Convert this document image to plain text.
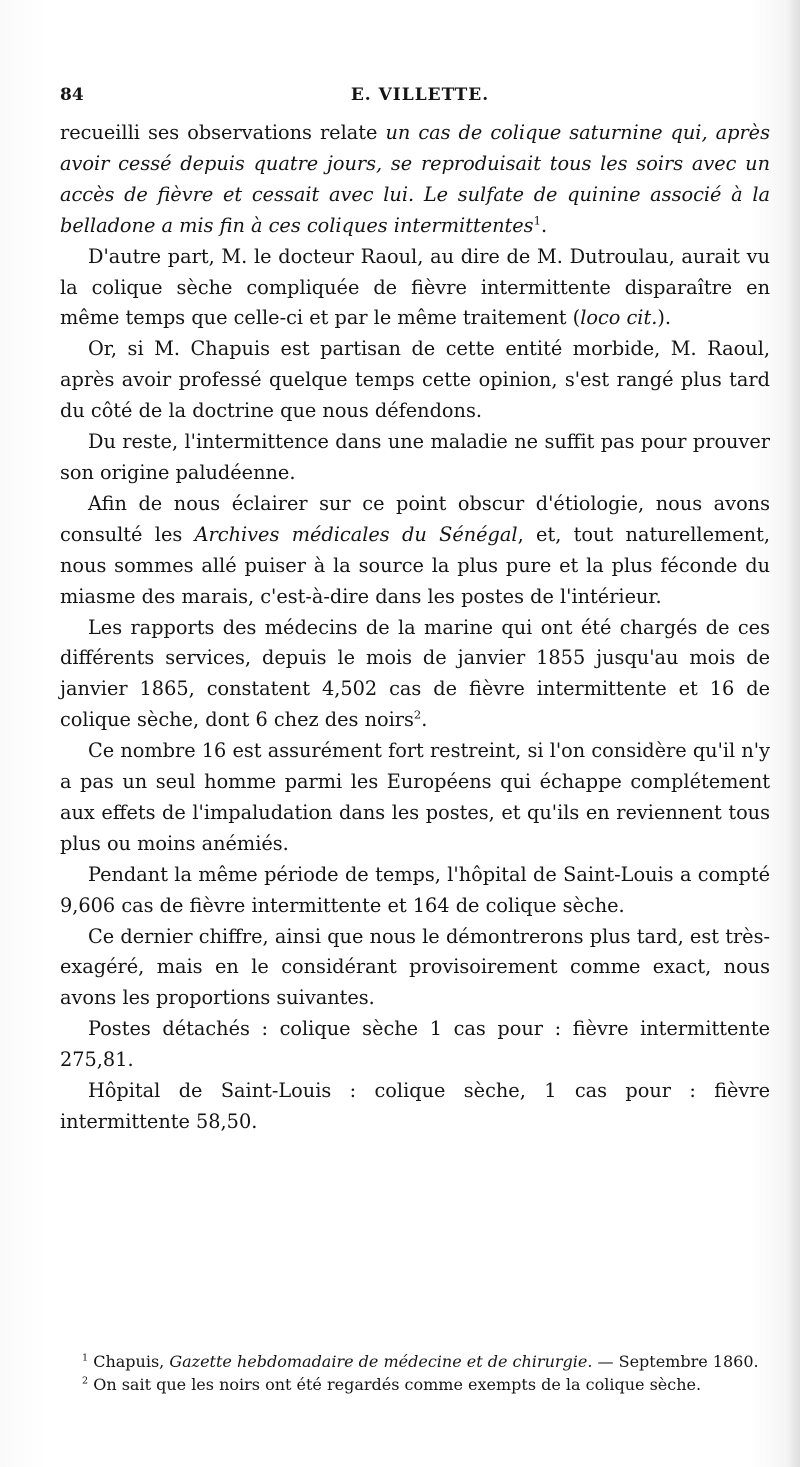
84	E. VILLETTE.

recueilli ses observations relate un cas de colique saturnine qui, après avoir cessé depuis quatre jours, se reproduisait tous les soirs avec un accès de fièvre et cessait avec lui. Le sulfate de quinine associé à la belladone a mis fin à ces coliques intermittentes$^1$.

D'autre part, M. le docteur Raoul, au dire de M. Dutroulau, aurait vu la colique sèche compliquée de fièvre intermittente disparaître en même temps que celle-ci et par le même traitement (loco cit.).

Or, si M. Chapuis est partisan de cette entité morbide, M. Raoul, après avoir professé quelque temps cette opinion, s'est rangé plus tard du côté de la doctrine que nous défendons.

Du reste, l'intermittence dans une maladie ne suffit pas pour prouver son origine paludéenne.

Afin de nous éclairer sur ce point obscur d'étiologie, nous avons consulté les Archives médicales du Sénégal, et, tout naturellement, nous sommes allé puiser à la source la plus pure et la plus féconde du miasme des marais, c'est-à-dire dans les postes de l'intérieur.

Les rapports des médecins de la marine qui ont été chargés de ces différents services, depuis le mois de janvier 1855 jusqu'au mois de janvier 1865, constatent 4,502 cas de fièvre intermittente et 16 de colique sèche, dont 6 chez des noirs$^2$.

Ce nombre 16 est assurément fort restreint, si l'on considère qu'il n'y a pas un seul homme parmi les Européens qui échappe complétement aux effets de l'impaludation dans les postes, et qu'ils en reviennent tous plus ou moins anémiés.

Pendant la même période de temps, l'hôpital de Saint-Louis a compté 9,606 cas de fièvre intermittente et 164 de colique sèche.

Ce dernier chiffre, ainsi que nous le démontrerons plus tard, est très-exagéré, mais en le considérant provisoirement comme exact, nous avons les proportions suivantes.

Postes détachés : colique sèche 1 cas pour : fièvre intermittente 275,81.

Hôpital de Saint-Louis : colique sèche, 1 cas pour : fièvre intermittente 58,50.

$^1$ Chapuis, Gazette hebdomadaire de médecine et de chirurgie. — Septembre 1860.

$^2$ On sait que les noirs ont été regardés comme exempts de la colique sèche.
